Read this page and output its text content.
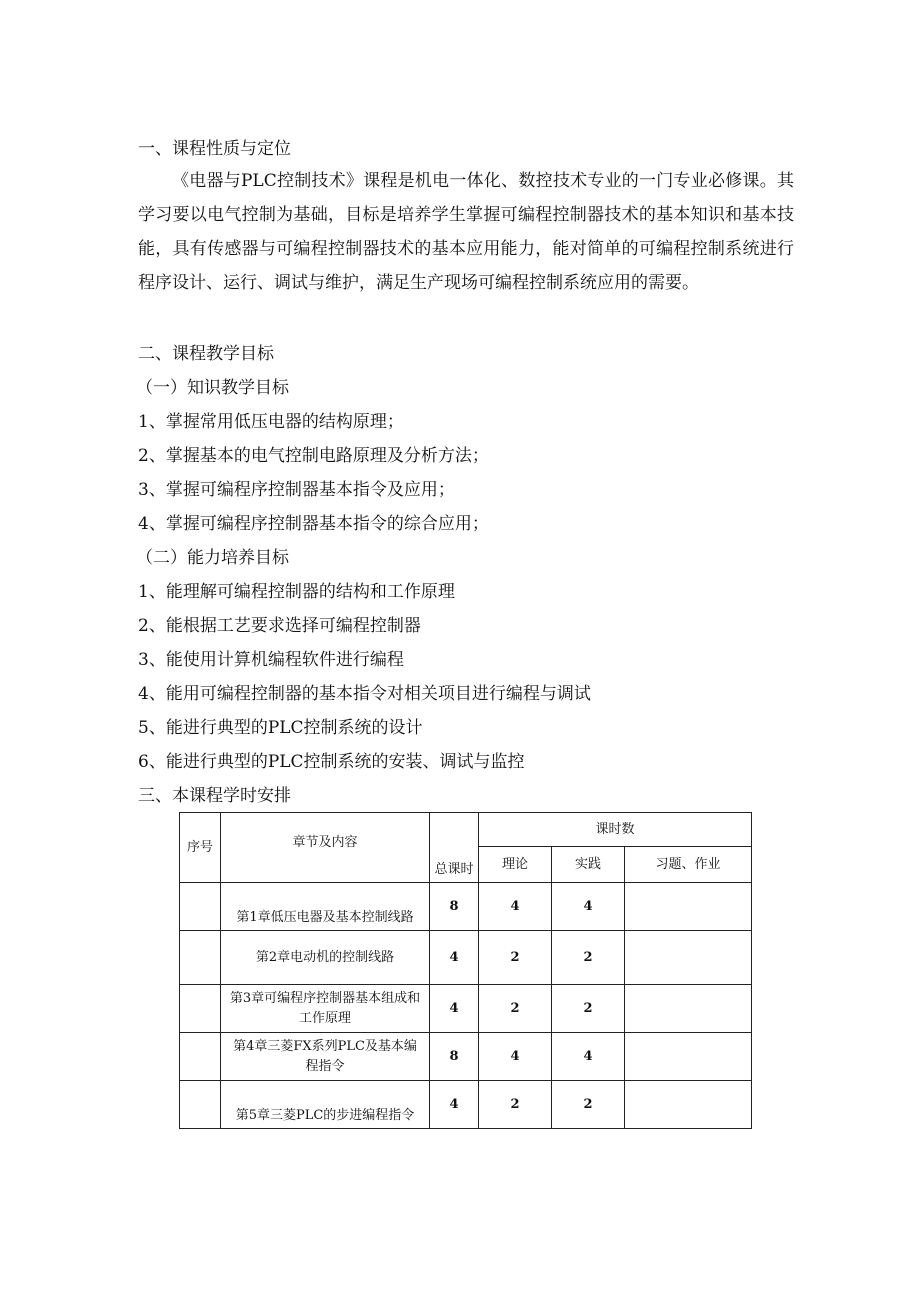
一、课程性质与定位
《电器与PLC控制技术》课程是机电一体化、数控技术专业的一门专业必修课。其学习要以电气控制为基础，目标是培养学生掌握可编程控制器技术的基本知识和基本技能，具有传感器与可编程控制器技术的基本应用能力，能对简单的可编程控制系统进行程序设计、运行、调试与维护，满足生产现场可编程控制系统应用的需要。
二、课程教学目标
（一）知识教学目标
1、掌握常用低压电器的结构原理；
2、掌握基本的电气控制电路原理及分析方法；
3、掌握可编程序控制器基本指令及应用；
4、掌握可编程序控制器基本指令的综合应用；
（二）能力培养目标
1、能理解可编程控制器的结构和工作原理
2、能根据工艺要求选择可编程控制器
3、能使用计算机编程软件进行编程
4、能用可编程控制器的基本指令对相关项目进行编程与调试
5、能进行典型的PLC控制系统的设计
6、能进行典型的PLC控制系统的安装、调试与监控
三、本课程学时安排
序号	章节及内容	总课时	课时数		
			理论	实践	习题、作业
	第1章低压电器及基本控制线路	8	4	4	
	第2章电动机的控制线路	4	2	2	
	第3章可编程序控制器基本组成和工作原理	4	2	2	
	第4章三菱FX系列PLC及基本编程指令	8	4	4	
	第5章三菱PLC的步进编程指令	4	2	2	
